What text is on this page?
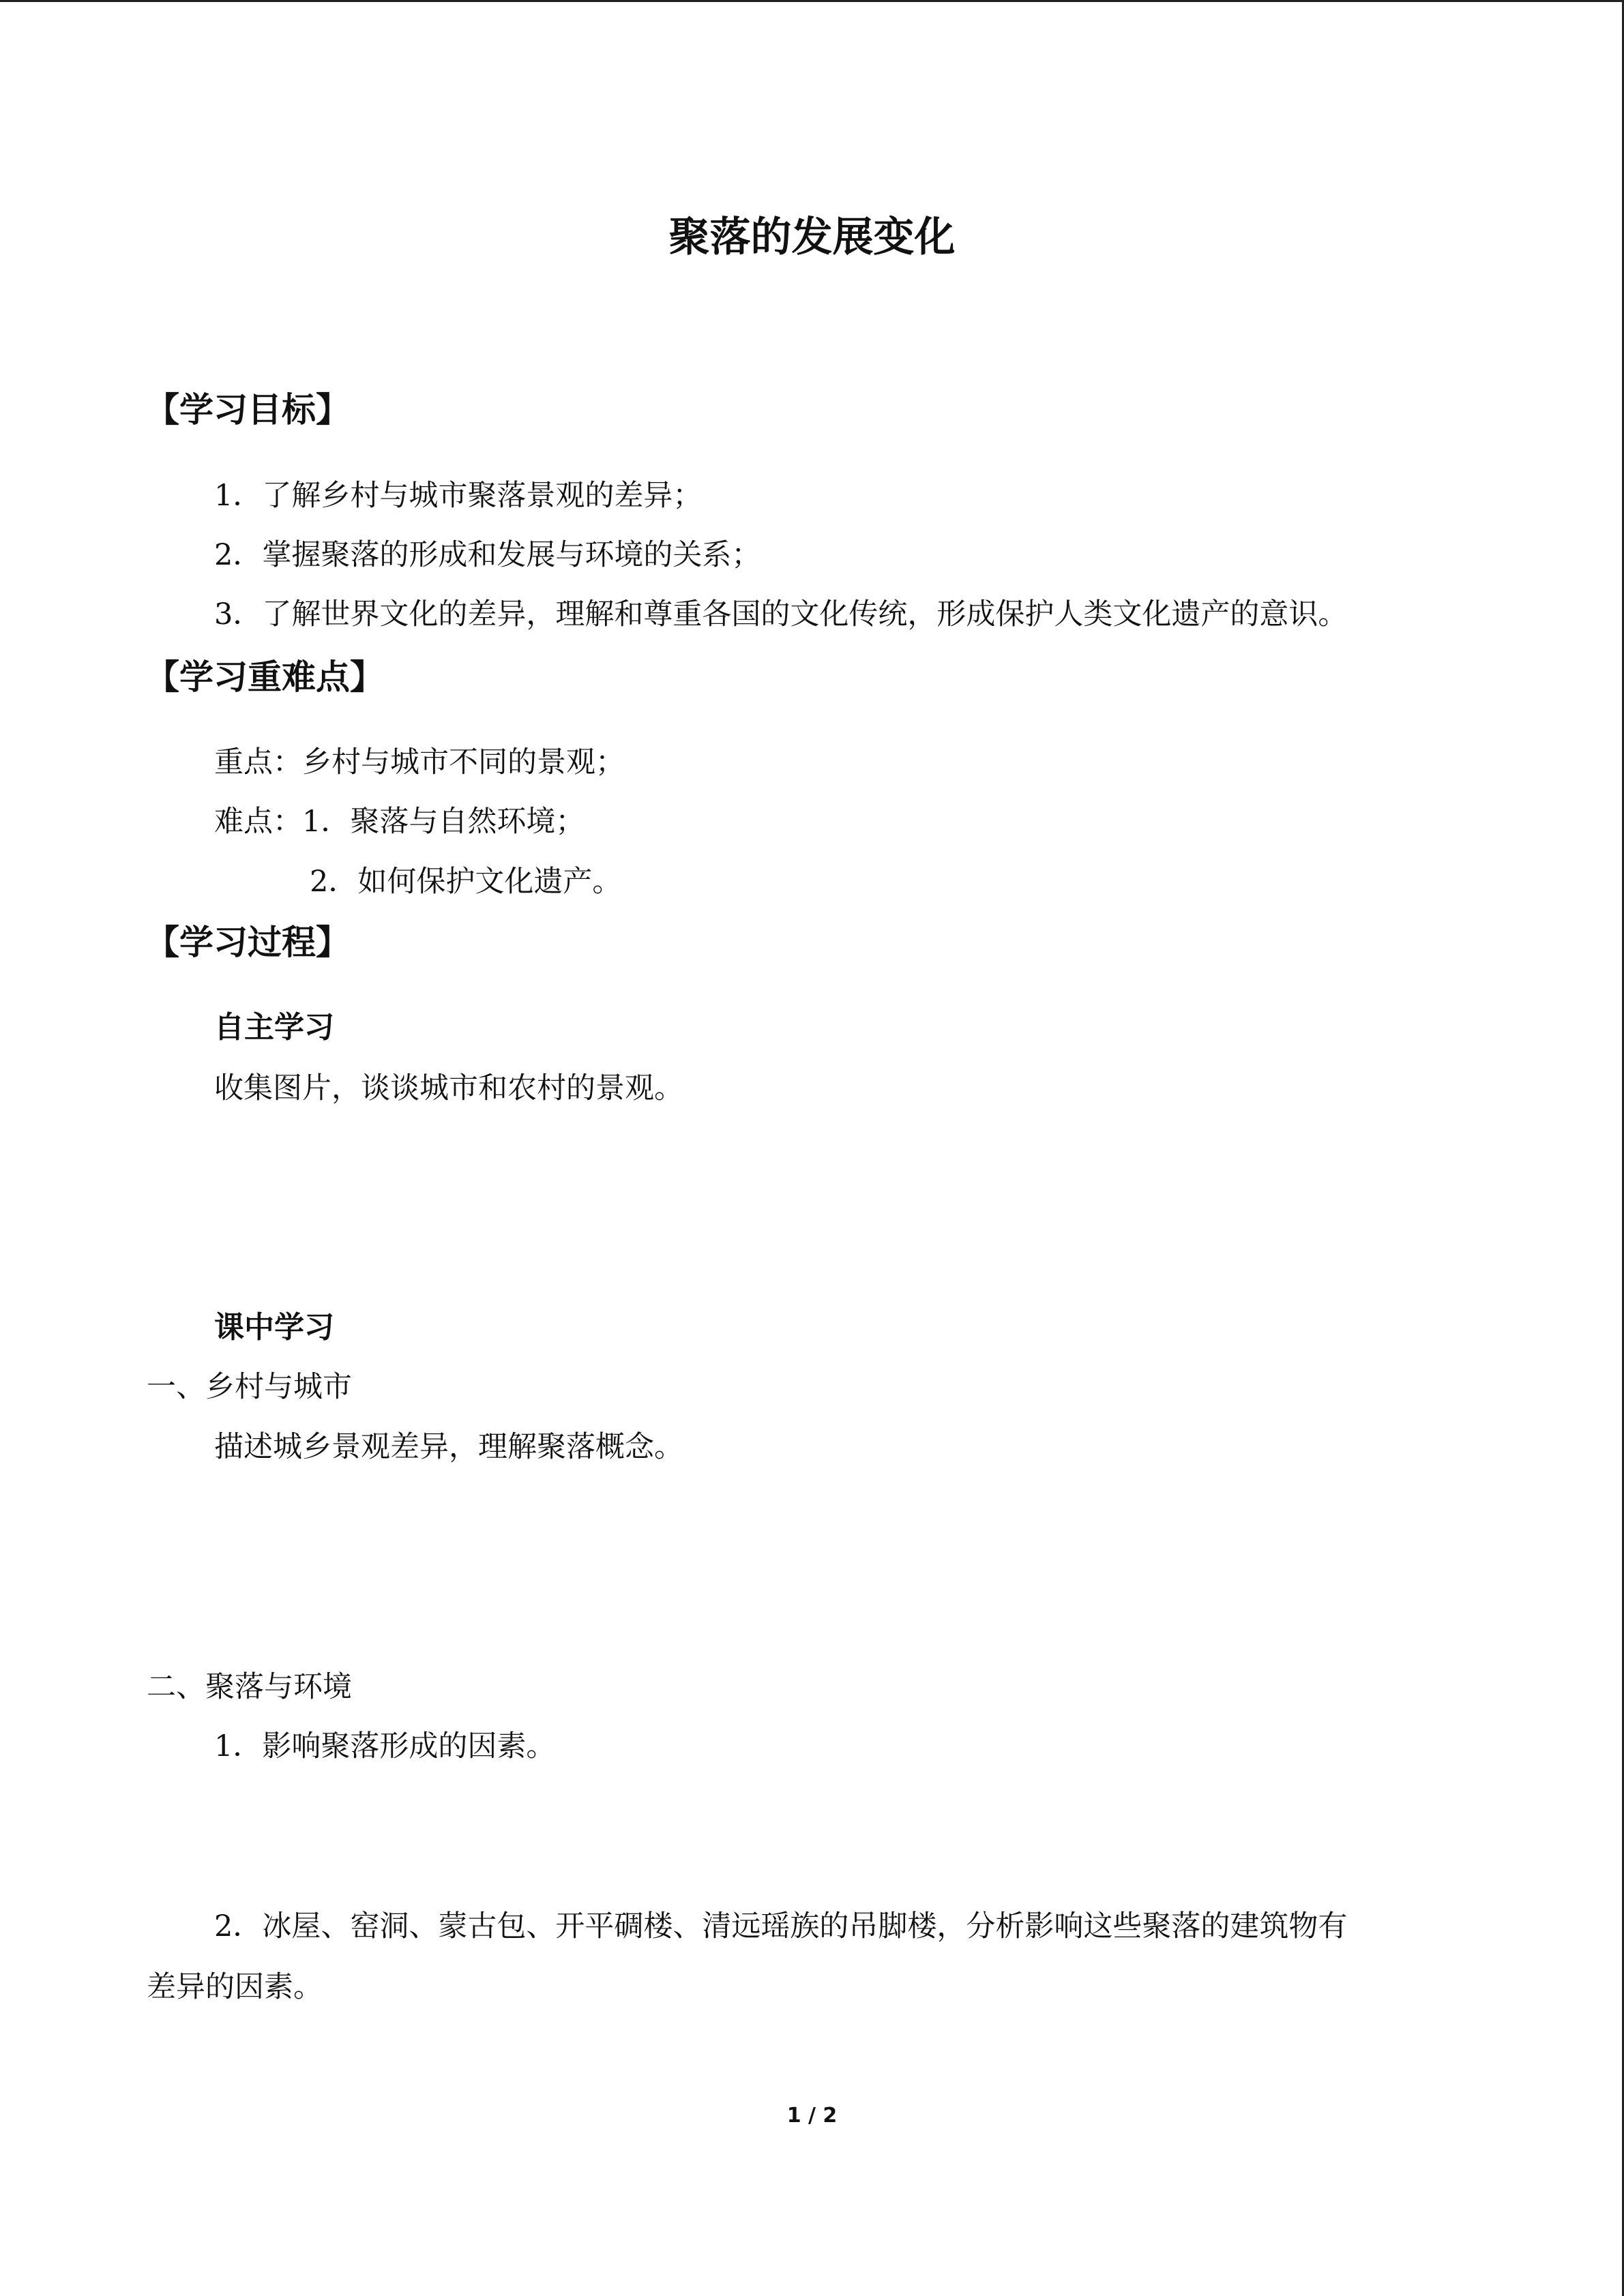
聚落的发展变化
【学习目标】
1．了解乡村与城市聚落景观的差异；
2．掌握聚落的形成和发展与环境的关系；
3．了解世界文化的差异，理解和尊重各国的文化传统，形成保护人类文化遗产的意识。
【学习重难点】
重点：乡村与城市不同的景观；
难点：1．聚落与自然环境；
2．如何保护文化遗产。
【学习过程】
自主学习
收集图片，谈谈城市和农村的景观。
课中学习
一、乡村与城市
描述城乡景观差异，理解聚落概念。
二、聚落与环境
1．影响聚落形成的因素。
2．冰屋、窑洞、蒙古包、开平碉楼、清远瑶族的吊脚楼，分析影响这些聚落的建筑物有
差异的因素。
1 / 2
